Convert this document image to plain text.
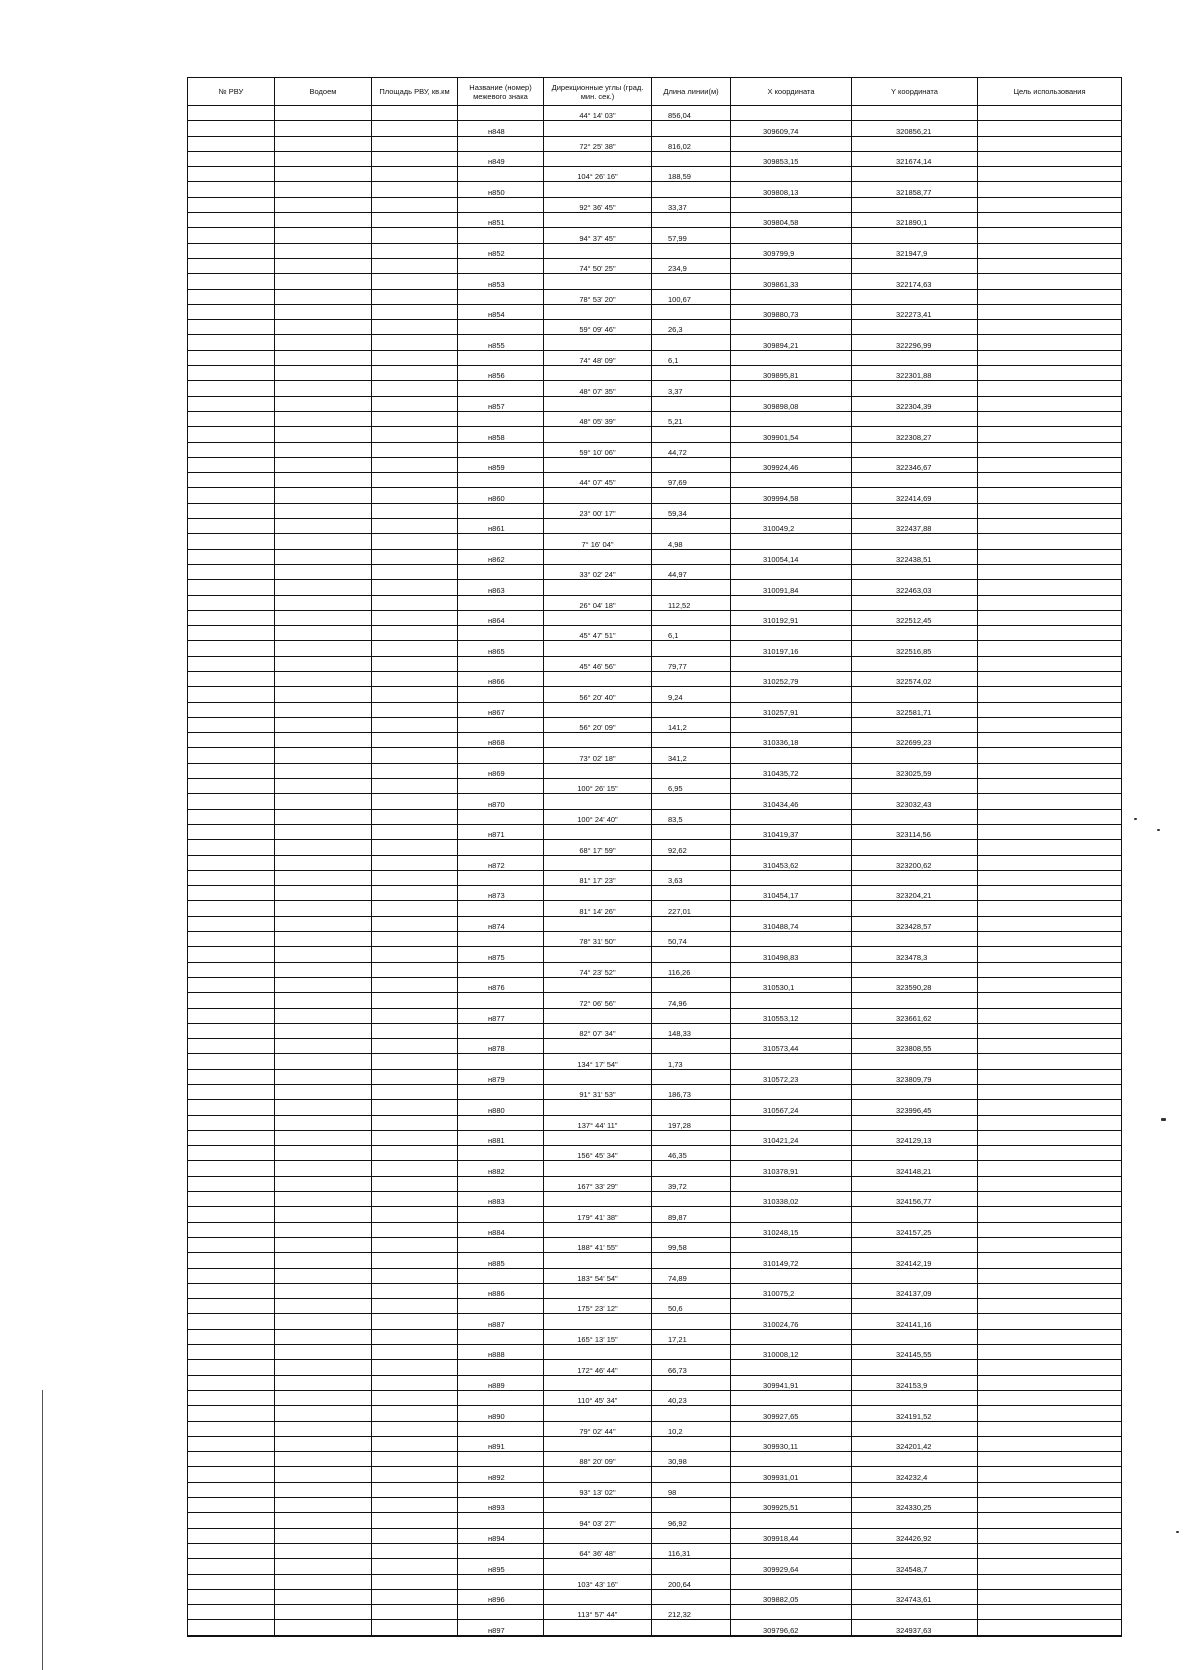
№ РВУ	Водоем	Площадь РВУ, кв.км	Название (номер) межевого знака	Дирекционные углы (град. мин. сек.)	Длина линии(м)	X координата	Y координата	Цель использования
				44° 14' 03"	856,04			
			н848			309609,74	320856,21	
				72° 25' 38"	816,02			
			н849			309853,15	321674,14	
				104° 26' 16"	188,59			
			н850			309808,13	321858,77	
				92° 36' 45"	33,37			
			н851			309804,58	321890,1	
				94° 37' 45"	57,99			
			н852			309799,9	321947,9	
				74° 50' 25"	234,9			
			н853			309861,33	322174,63	
				78° 53' 20"	100,67			
			н854			309880,73	322273,41	
				59° 09' 46"	26,3			
			н855			309894,21	322296,99	
				74° 48' 09"	6,1			
			н856			309895,81	322301,88	
				48° 07' 35"	3,37			
			н857			309898,08	322304,39	
				48° 05' 39"	5,21			
			н858			309901,54	322308,27	
				59° 10' 06"	44,72			
			н859			309924,46	322346,67	
				44° 07' 45"	97,69			
			н860			309994,58	322414,69	
				23° 00' 17"	59,34			
			н861			310049,2	322437,88	
				7° 16' 04"	4,98			
			н862			310054,14	322438,51	
				33° 02' 24"	44,97			
			н863			310091,84	322463,03	
				26° 04' 18"	112,52			
			н864			310192,91	322512,45	
				45° 47' 51"	6,1			
			н865			310197,16	322516,85	
				45° 46' 56"	79,77			
			н866			310252,79	322574,02	
				56° 20' 40"	9,24			
			н867			310257,91	322581,71	
				56° 20' 09"	141,2			
			н868			310336,18	322699,23	
				73° 02' 18"	341,2			
			н869			310435,72	323025,59	
				100° 26' 15"	6,95			
			н870			310434,46	323032,43	
				100° 24' 40"	83,5			
			н871			310419,37	323114,56	
				68° 17' 59"	92,62			
			н872			310453,62	323200,62	
				81° 17' 23"	3,63			
			н873			310454,17	323204,21	
				81° 14' 26"	227,01			
			н874			310488,74	323428,57	
				78° 31' 50"	50,74			
			н875			310498,83	323478,3	
				74° 23' 52"	116,26			
			н876			310530,1	323590,28	
				72° 06' 56"	74,96			
			н877			310553,12	323661,62	
				82° 07' 34"	148,33			
			н878			310573,44	323808,55	
				134° 17' 54"	1,73			
			н879			310572,23	323809,79	
				91° 31' 53"	186,73			
			н880			310567,24	323996,45	
				137° 44' 11"	197,28			
			н881			310421,24	324129,13	
				156° 45' 34"	46,35			
			н882			310378,91	324148,21	
				167° 33' 29"	39,72			
			н883			310338,02	324156,77	
				179° 41' 38"	89,87			
			н884			310248,15	324157,25	
				188° 41' 55"	99,58			
			н885			310149,72	324142,19	
				183° 54' 54"	74,89			
			н886			310075,2	324137,09	
				175° 23' 12"	50,6			
			н887			310024,76	324141,16	
				165° 13' 15"	17,21			
			н888			310008,12	324145,55	
				172° 46' 44"	66,73			
			н889			309941,91	324153,9	
				110° 45' 34"	40,23			
			н890			309927,65	324191,52	
				79° 02' 44"	10,2			
			н891			309930,11	324201,42	
				88° 20' 09"	30,98			
			н892			309931,01	324232,4	
				93° 13' 02"	98			
			н893			309925,51	324330,25	
				94° 03' 27"	96,92			
			н894			309918,44	324426,92	
				64° 36' 48"	116,31			
			н895			309929,64	324548,7	
				103° 43' 16"	200,64			
			н896			309882,05	324743,61	
				113° 57' 44"	212,32			
			н897			309796,62	324937,63	
